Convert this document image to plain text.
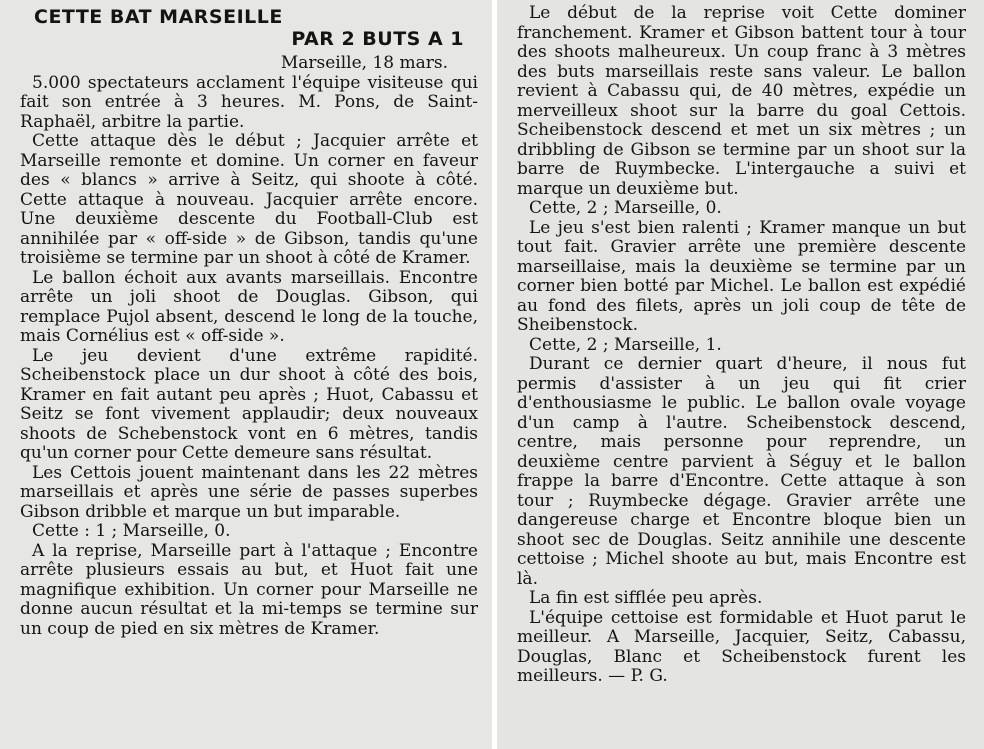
CETTE BAT MARSEILLE
PAR 2 BUTS A 1
Marseille, 18 mars.

5.000 spectateurs acclament l'équipe visiteuse qui fait son entrée à 3 heures. M. Pons, de Saint-Raphaël, arbitre la partie.

Cette attaque dès le début ; Jacquier arrête et Marseille remonte et domine. Un corner en faveur des « blancs » arrive à Seitz, qui shoote à côté. Cette attaque à nouveau. Jacquier arrête encore. Une deuxième descente du Football-Club est annihilée par « off-side » de Gibson, tandis qu'une troisième se termine par un shoot à côté de Kramer.

Le ballon échoit aux avants marseillais. Encontre arrête un joli shoot de Douglas. Gibson, qui remplace Pujol absent, descend le long de la touche, mais Cornélius est « off-side ».

Le jeu devient d'une extrême rapidité. Scheibenstock place un dur shoot à côté des bois, Kramer en fait autant peu après ; Huot, Cabassu et Seitz se font vivement applaudir; deux nouveaux shoots de Schebenstock vont en 6 mètres, tandis qu'un corner pour Cette demeure sans résultat.

Les Cettois jouent maintenant dans les 22 mètres marseillais et après une série de passes superbes Gibson dribble et marque un but imparable.

Cette : 1 ; Marseille, 0.

A la reprise, Marseille part à l'attaque ; Encontre arrête plusieurs essais au but, et Huot fait une magnifique exhibition. Un corner pour Marseille ne donne aucun résultat et la mi-temps se termine sur un coup de pied en six mètres de Kramer.

Le début de la reprise voit Cette dominer franchement. Kramer et Gibson battent tour à tour des shoots malheureux. Un coup franc à 3 mètres des buts marseillais reste sans valeur. Le ballon revient à Cabassu qui, de 40 mètres, expédie un merveilleux shoot sur la barre du goal Cettois. Scheibenstock descend et met un six mètres ; un dribbling de Gibson se termine par un shoot sur la barre de Ruymbecke. L'intergauche a suivi et marque un deuxième but.

Cette, 2 ; Marseille, 0.

Le jeu s'est bien ralenti ; Kramer manque un but tout fait. Gravier arrête une première descente marseillaise, mais la deuxième se termine par un corner bien botté par Michel. Le ballon est expédié au fond des filets, après un joli coup de tête de Sheibenstock.

Cette, 2 ; Marseille, 1.

Durant ce dernier quart d'heure, il nous fut permis d'assister à un jeu qui fit crier d'enthousiasme le public. Le ballon ovale voyage d'un camp à l'autre. Scheibenstock descend, centre, mais personne pour reprendre, un deuxième centre parvient à Séguy et le ballon frappe la barre d'Encontre. Cette attaque à son tour ; Ruymbecke dégage. Gravier arrête une dangereuse charge et Encontre bloque bien un shoot sec de Douglas. Seitz annihile une descente cettoise ; Michel shoote au but, mais Encontre est là.

La fin est sifflée peu après.

L'équipe cettoise est formidable et Huot parut le meilleur. A Marseille, Jacquier, Seitz, Cabassu, Douglas, Blanc et Scheibenstock furent les meilleurs. — P. G.
